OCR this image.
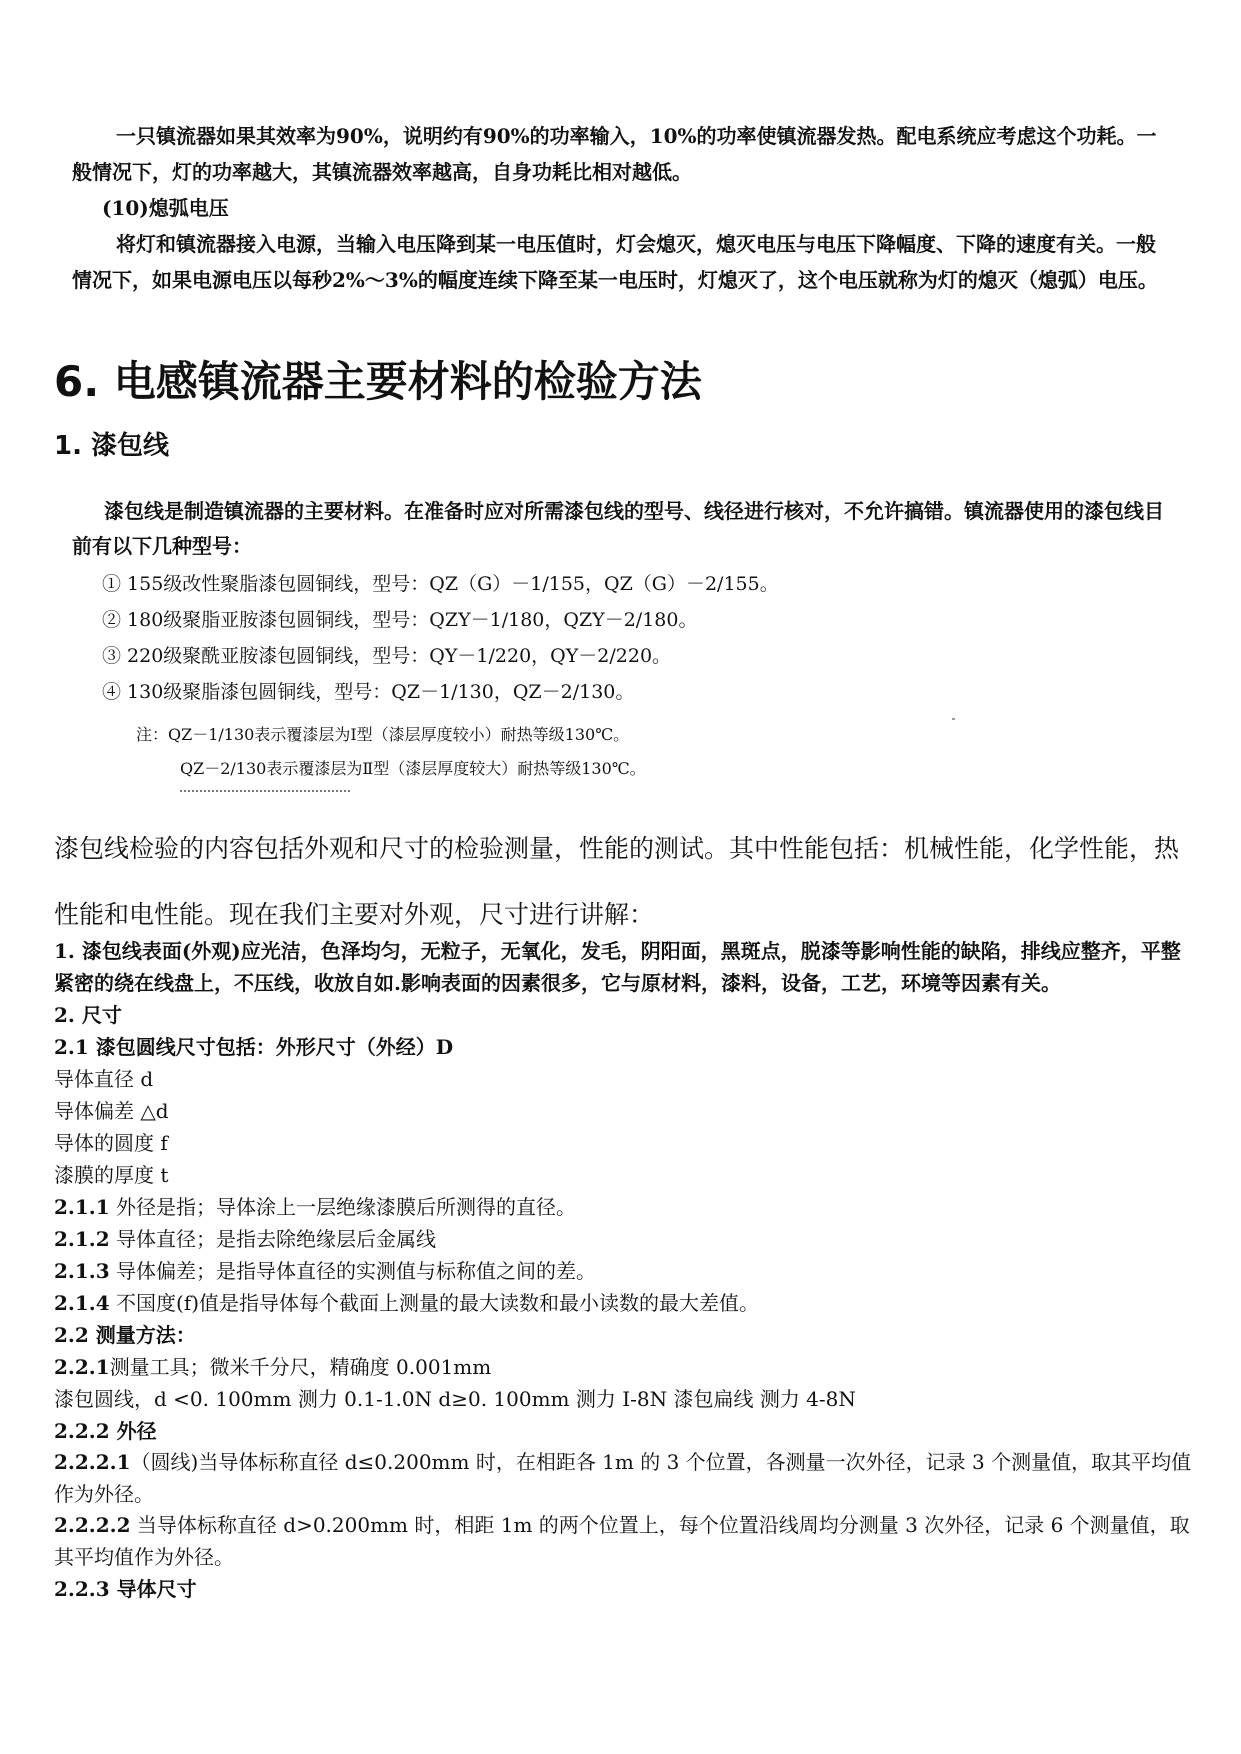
一只镇流器如果其效率为90%，说明约有90%的功率输入，10%的功率使镇流器发热。配电系统应考虑这个功耗。一般情况下，灯的功率越大，其镇流器效率越高，自身功耗比相对越低。

(10)熄弧电压

将灯和镇流器接入电源，当输入电压降到某一电压值时，灯会熄灭，熄灭电压与电压下降幅度、下降的速度有关。一般情况下，如果电源电压以每秒2%～3%的幅度连续下降至某一电压时，灯熄灭了，这个电压就称为灯的熄灭（熄弧）电压。

6. 电感镇流器主要材料的检验方法
1. 漆包线

漆包线是制造镇流器的主要材料。在准备时应对所需漆包线的型号、线径进行核对，不允许搞错。镇流器使用的漆包线目前有以下几种型号：

① 155级改性聚脂漆包圆铜线，型号：QZ（G）－1/155，QZ（G）－2/155。
② 180级聚脂亚胺漆包圆铜线，型号：QZY－1/180，QZY－2/180。
③ 220级聚酰亚胺漆包圆铜线，型号：QY－1/220，QY－2/220。
④ 130级聚脂漆包圆铜线，型号：QZ－1/130，QZ－2/130。
注：QZ－1/130表示覆漆层为Ⅰ型（漆层厚度较小）耐热等级130℃。
QZ－2/130表示覆漆层为Ⅱ型（漆层厚度较大）耐热等级130℃。

漆包线检验的内容包括外观和尺寸的检验测量，性能的测试。其中性能包括：机械性能，化学性能，热性能和电性能。现在我们主要对外观，尺寸进行讲解：

1. 漆包线表面(外观)应光洁，色泽均匀，无粒子，无氧化，发毛，阴阳面，黑斑点，脱漆等影响性能的缺陷，排线应整齐，平整紧密的绕在线盘上，不压线，收放自如.影响表面的因素很多，它与原材料，漆料，设备，工艺，环境等因素有关。

2. 尺寸

2.1 漆包圆线尺寸包括：外形尺寸（外经）D

导体直径 d

导体偏差 △d

导体的圆度 f

漆膜的厚度 t

2.1.1 外径是指；导体涂上一层绝缘漆膜后所测得的直径。

2.1.2 导体直径；是指去除绝缘层后金属线

2.1.3 导体偏差；是指导体直径的实测值与标称值之间的差。

2.1.4 不国度(f)值是指导体每个截面上测量的最大读数和最小读数的最大差值。

2.2 测量方法：

2.2.1测量工具；微米千分尺，精确度 0.001mm

漆包圆线，d <0. 100mm 测力 0.1-1.0N d≥0. 100mm 测力 I-8N 漆包扁线 测力 4-8N

2.2.2 外径

2.2.2.1（圆线)当导体标称直径 d≤0.200mm 时，在相距各 1m 的 3 个位置，各测量一次外径，记录 3 个测量值，取其平均值作为外径。

2.2.2.2 当导体标称直径 d>0.200mm 时，相距 1m 的两个位置上，每个位置沿线周均分测量 3 次外径，记录 6 个测量值，取其平均值作为外径。

2.2.3 导体尺寸
